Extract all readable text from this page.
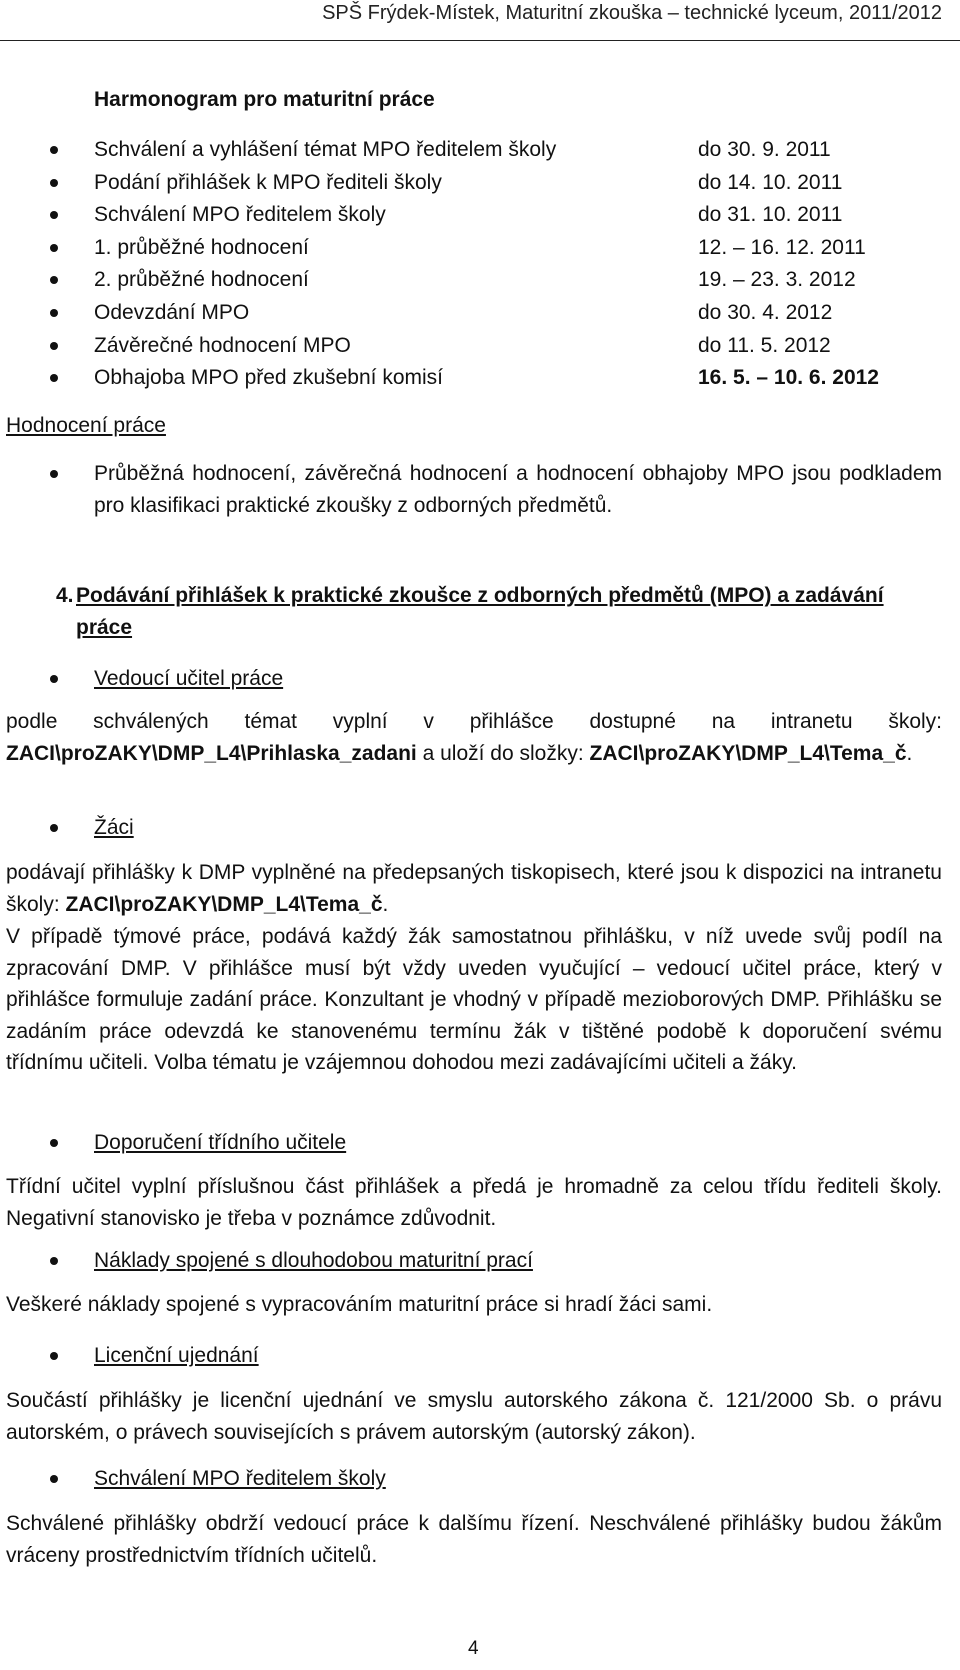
SPŠ Frýdek-Místek, Maturitní zkouška – technické lyceum, 2011/2012
Harmonogram pro maturitní práce
Schválení a vyhlášení témat MPO ředitelem školy	do 30. 9. 2011
Podání přihlášek k MPO řediteli školy	do 14. 10. 2011
Schválení MPO ředitelem školy	do 31. 10. 2011
1. průběžné hodnocení	12. – 16. 12. 2011
2. průběžné hodnocení	19. – 23. 3. 2012
Odevzdání MPO	do 30. 4. 2012
Závěrečné hodnocení MPO	do 11. 5. 2012
Obhajoba MPO před zkušební komisí	16. 5. – 10. 6. 2012
Hodnocení práce
Průběžná hodnocení, závěrečná hodnocení a hodnocení obhajoby MPO jsou podkladem pro klasifikaci praktické zkoušky z odborných předmětů.
4. Podávání přihlášek k praktické zkoušce z odborných předmětů (MPO) a zadávání práce
Vedoucí učitel práce
podle schválených témat vyplní v přihlášce dostupné na intranetu školy: ZACI\proZAKY\DMP_L4\Prihlaska_zadani a uloží do složky: ZACI\proZAKY\DMP_L4\Tema_č.
Žáci
podávají přihlášky k DMP vyplněné na předepsaných tiskopisech, které jsou k dispozici na intranetu školy: ZACI\proZAKY\DMP_L4\Tema_č.
V případě týmové práce, podává každý žák samostatnou přihlášku, v níž uvede svůj podíl na zpracování DMP. V přihlášce musí být vždy uveden vyučující – vedoucí učitel práce, který v přihlášce formuluje zadání práce. Konzultant je vhodný v případě mezioborových DMP. Přihlášku se zadáním práce odevzdá ke stanovenému termínu žák v tištěné podobě k doporučení svému třídnímu učiteli. Volba tématu je vzájemnou dohodou mezi zadávajícími učiteli a žáky.
Doporučení třídního učitele
Třídní učitel vyplní příslušnou část přihlášek a předá je hromadně za celou třídu řediteli školy. Negativní stanovisko je třeba v poznámce zdůvodnit.
Náklady spojené s dlouhodobou maturitní prací
Veškeré náklady spojené s vypracováním maturitní práce si hradí žáci sami.
Licenční ujednání
Součástí přihlášky je licenční ujednání ve smyslu autorského zákona č. 121/2000 Sb. o právu autorském, o právech souvisejících s právem autorským (autorský zákon).
Schválení MPO ředitelem školy
Schválené přihlášky obdrží vedoucí práce k dalšímu řízení. Neschválené přihlášky budou žákům vráceny prostřednictvím třídních učitelů.
4
